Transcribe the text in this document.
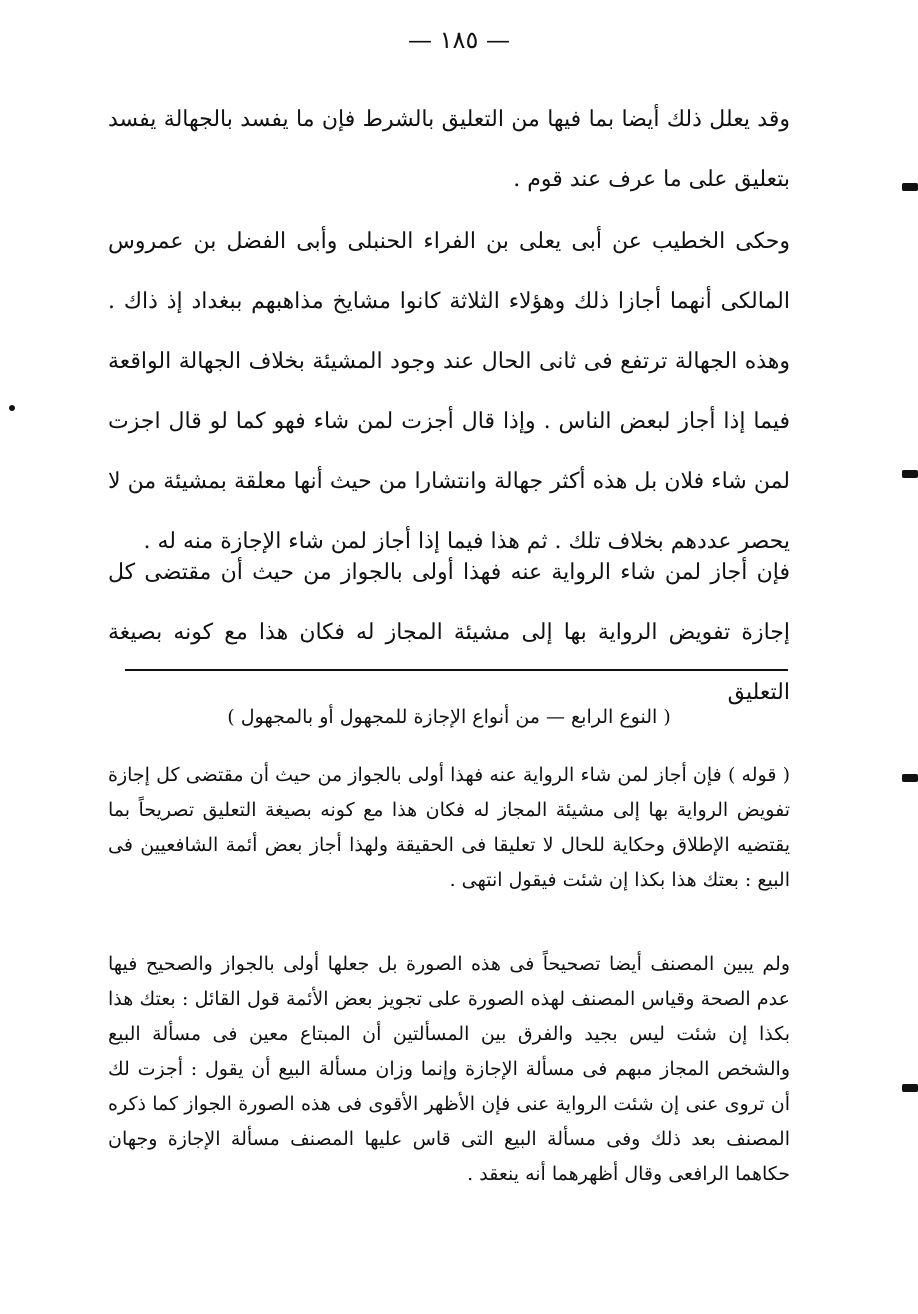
— ١٨٥ —

وقد يعلل ذلك أيضا بما فيها من التعليق بالشرط فإن ما يفسد بالجهالة يفسد بتعليق على ما عرف عند قوم .

وحكى الخطيب عن أبى يعلى بن الفراء الحنبلى وأبى الفضل بن عمروس المالكى أنهما أجازا ذلك وهؤلاء الثلاثة كانوا مشايخ مذاهبهم ببغداد إذ ذاك . وهذه الجهالة ترتفع فى ثانى الحال عند وجود المشيئة بخلاف الجهالة الواقعة فيما إذا أجاز لبعض الناس . وإذا قال أجزت لمن شاء فهو كما لو قال اجزت لمن شاء فلان بل هذه أكثر جهالة وانتشارا من حيث أنها معلقة بمشيئة من لا يحصر عددهم بخلاف تلك . ثم هذا فيما إذا أجاز لمن شاء الإجازة منه له .

فإن أجاز لمن شاء الرواية عنه فهذا أولى بالجواز من حيث أن مقتضى كل إجازة تفويض الرواية بها إلى مشيئة المجاز له فكان هذا مع كونه بصيغة التعليق

( النوع الرابع — من أنواع الإجازة للمجهول أو بالمجهول )

( قوله ) فإن أجاز لمن شاء الرواية عنه فهذا أولى بالجواز من حيث أن مقتضى كل إجازة تفويض الرواية بها إلى مشيئة المجاز له فكان هذا مع كونه بصيغة التعليق تصريحاً بما يقتضيه الإطلاق وحكاية للحال لا تعليقا فى الحقيقة ولهذا أجاز بعض أئمة الشافعيين فى البيع : بعتك هذا بكذا إن شئت فيقول انتهى .

ولم يبين المصنف أيضا تصحيحاً فى هذه الصورة بل جعلها أولى بالجواز والصحيح فيها عدم الصحة وقياس المصنف لهذه الصورة على تجويز بعض الأئمة قول القائل : بعتك هذا بكذا إن شئت ليس بجيد والفرق بين المسألتين أن المبتاع معين فى مسألة البيع والشخص المجاز مبهم فى مسألة الإجازة وإنما وزان مسألة البيع أن يقول : أجزت لك أن تروى عنى إن شئت الرواية عنى فإن الأظهر الأقوى فى هذه الصورة الجواز كما ذكره المصنف بعد ذلك وفى مسألة البيع التى قاس عليها المصنف مسألة الإجازة وجهان حكاهما الرافعى وقال أظهرهما أنه ينعقد .
